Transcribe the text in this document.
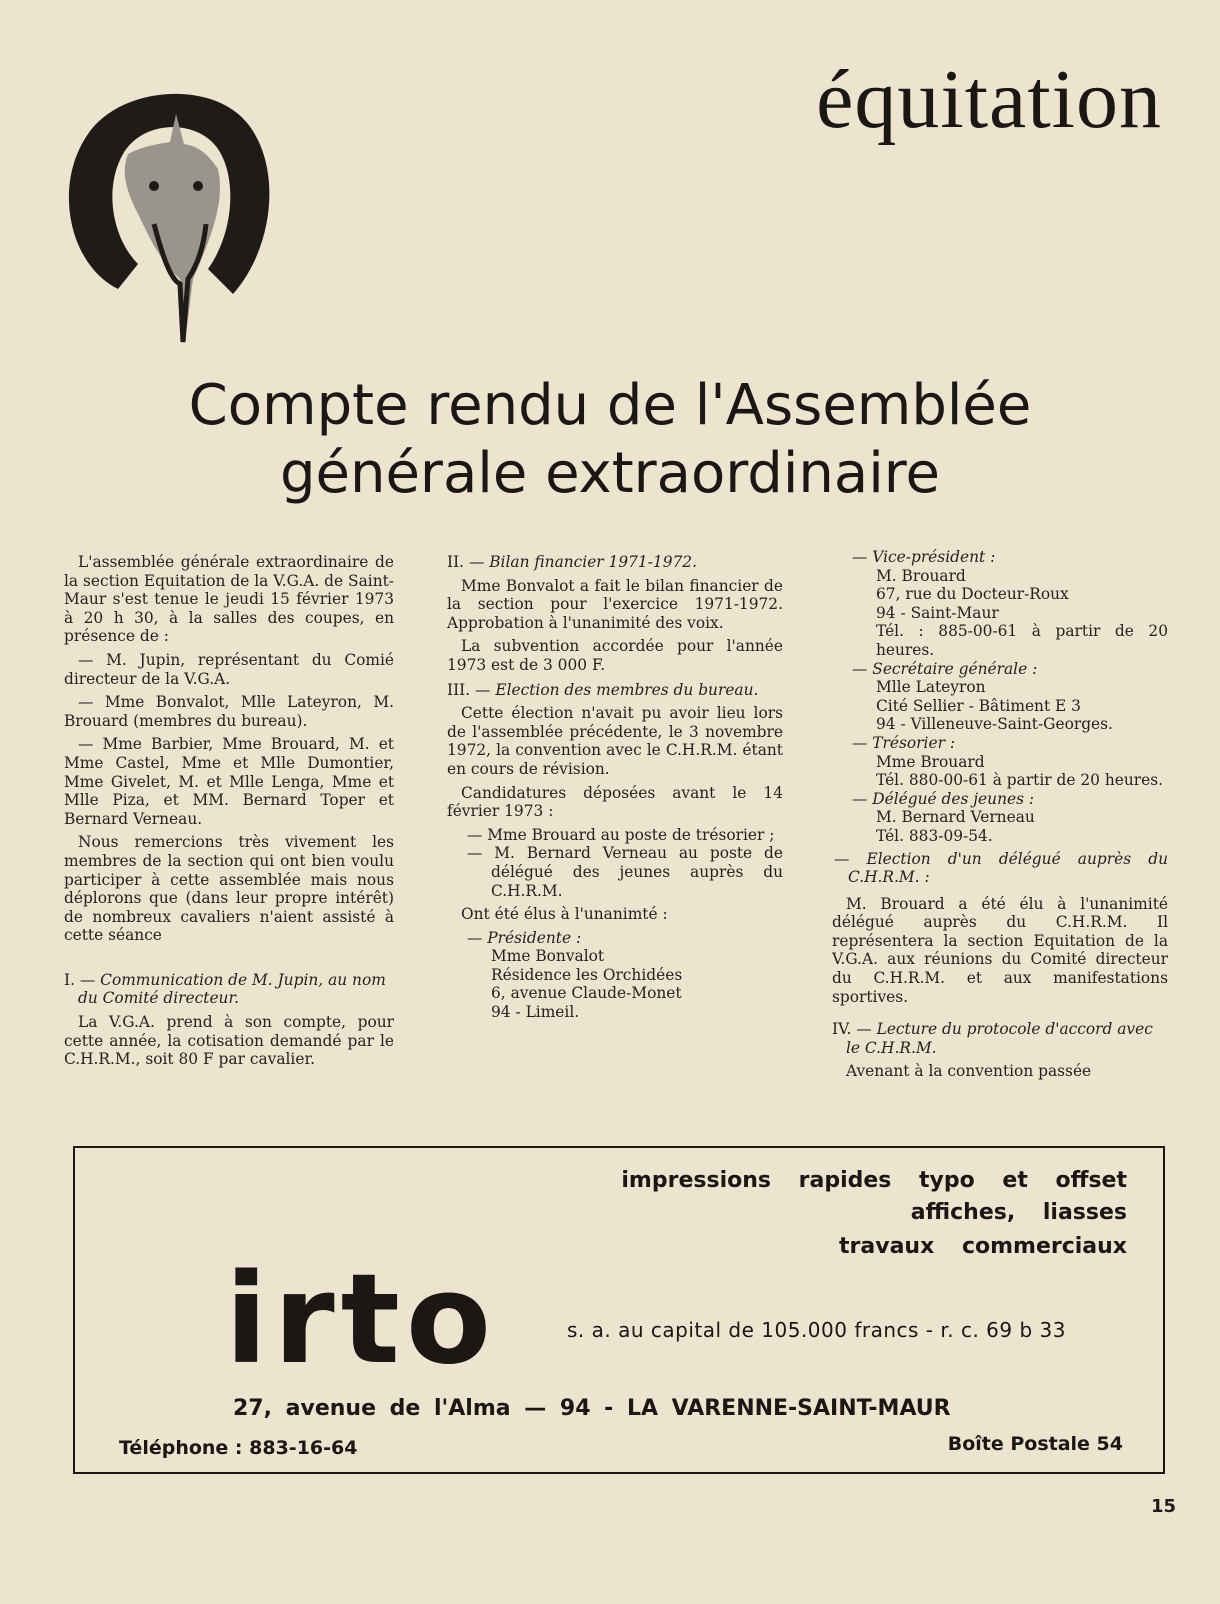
équitation
Compte rendu de l'Assemblée
générale extraordinaire

L'assemblée générale extraordinaire de la section Equitation de la V.G.A. de Saint-Maur s'est tenue le jeudi 15 février 1973 à 20 h 30, à la salles des coupes, en présence de :

— M. Jupin, représentant du Comié directeur de la V.G.A.

— Mme Bonvalot, Mlle Lateyron, M. Brouard (membres du bureau).

— Mme Barbier, Mme Brouard, M. et Mme Castel, Mme et Mlle Dumontier, Mme Givelet, M. et Mlle Lenga, Mme et Mlle Piza, et MM. Bernard Toper et Bernard Verneau.

Nous remercions très vivement les membres de la section qui ont bien voulu participer à cette assemblée mais nous déplorons que (dans leur propre intérêt) de nombreux cavaliers n'aient assisté à cette séance

I. — Communication de M. Jupin, au nom du Comité directeur.

La V.G.A. prend à son compte, pour cette année, la cotisation demandé par le C.H.R.M., soit 80 F par cavalier.

II. — Bilan financier 1971-1972.

Mme Bonvalot a fait le bilan financier de la section pour l'exercice 1971-1972. Approbation à l'unanimité des voix.

La subvention accordée pour l'année 1973 est de 3 000 F.

III. — Election des membres du bureau.

Cette élection n'avait pu avoir lieu lors de l'assemblée précédente, le 3 novembre 1972, la convention avec le C.H.R.M. étant en cours de révision.

Candidatures déposées avant le 14 février 1973 :

— Mme Brouard au poste de trésorier ;
— M. Bernard Verneau au poste de délégué des jeunes auprès du C.H.R.M.

Ont été élus à l'unanimté :

— Présidente :
Mme Bonvalot
Résidence les Orchidées
6, avenue Claude-Monet
94 - Limeil.

— Vice-président :
M. Brouard
67, rue du Docteur-Roux
94 - Saint-Maur
Tél. : 885-00-61 à partir de 20 heures.

— Secrétaire générale :
Mlle Lateyron
Cité Sellier - Bâtiment E 3
94 - Villeneuve-Saint-Georges.

— Trésorier :
Mme Brouard
Tél. 880-00-61 à partir de 20 heures.

— Délégué des jeunes :
M. Bernard Verneau
Tél. 883-09-54.

— Election d'un délégué auprès du C.H.R.M. :

M. Brouard a été élu à l'unanimité délégué auprès du C.H.R.M. Il représentera la section Equitation de la V.G.A. aux réunions du Comité directeur du C.H.R.M. et aux manifestations sportives.

IV. — Lecture du protocole d'accord avec le C.H.R.M.

Avenant à la convention passée

impressions rapides typo et offset
affiches, liasses
travaux commerciaux
irto	s. a. au capital de 105.000 francs - r. c. 69 b 33
27, avenue de l'Alma — 94 - LA VARENNE-SAINT-MAUR
Téléphone : 883-16-64	Boîte Postale 54
15
